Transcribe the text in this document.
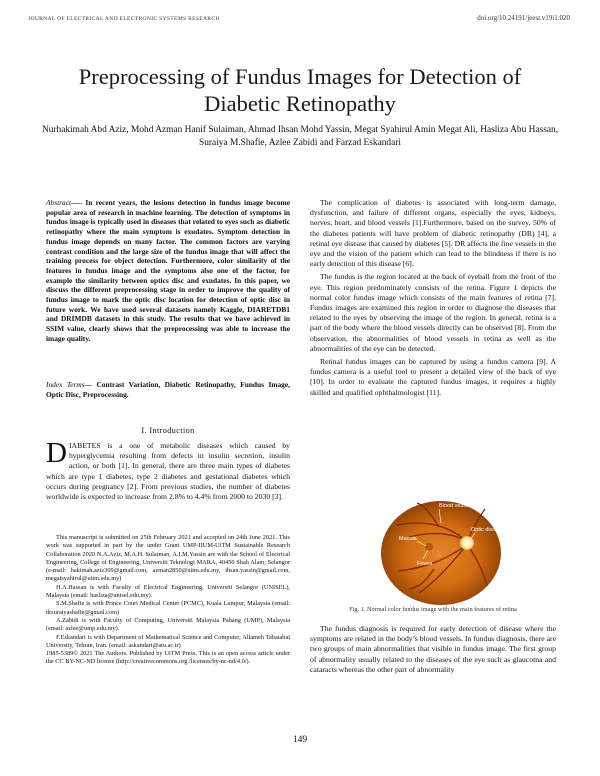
JOURNAL OF ELECTRICAL AND ELECTRONIC SYSTEMS RESEARCH	doi.org/10.24191/jeesr.v19i1.020
Preprocessing of Fundus Images for Detection of Diabetic Retinopathy
Nurhakimah Abd Aziz, Mohd Azman Hanif Sulaiman, Ahmad Ihsan Mohd Yassin, Megat Syahirul Amin Megat Ali, Hasliza Abu Hassan, Suraiya M.Shafie, Azlee Zabidi and Farzad Eskandari
Abstract—– In recent years, the lesions detection in fundus image become popular area of research in machine learning. The detection of symptoms in fundus image is typically used in diseases that related to eyes such as diabetic retinopathy where the main symptom is exudates. Symptom detection in fundus image depends on many factor. The common factors are varying contrast condition and the large size of the fundus image that will affect the training process for object detection. Furthermore, color similarity of the features in fundus image and the symptoms also one of the factor, for example the similarity between optics disc and exudates. In this paper, we discuss the different preprocessing stage in order to improve the quality of fundus image to mark the optic disc location for detection of optic disc in future work. We have used several datasets namely Kaggle, DIARETDB1 and DRIMDB datasets in this study. The results that we have achieved in SSIM value, clearly shows that the preprocessing was able to increase the image quality.
Index Terms— Contrast Variation, Diabetic Retinopathy, Fundus Image, Optic Disc, Preprocessing.
I. Introduction
DIABETES is a one of metabolic diseases which caused by hyperglycemia resulting from defects in insulin secretion, insulin action, or both [1]. In general, there are three main types of diabetes which are type 1 diabetes, type 2 diabetes and gestational diabetes which occurs during pregnancy [2]. From previous studies, the number of diabetes worldwide is expected to increase from 2.8% to 4.4% from 2000 to 2030 [3].

This manuscript is submitted on 25th February 2021 and accepted on 24th June 2021. This work was supported in part by the under Grant UMP-IIUM-UiTM Sustainable Research Collaboration 2020 N.A.Aziz, M.A.H. Sulaiman, A.I.M.Yassin are with the School of Electrical Engineering, College of Engineering, Universiti Teknologi MARA, 40450 Shah Alam, Selangor (e-mail: hakimah.aziz309@gmail.com, azman2850@uitm.edu.my, ihsan.yassin@gmail.com, megatsyahirul@uitm.edu.my)

H.A.Hassan is with Faculty of Electrical Engineering, Universiti Selangor (UNISEL), Malaysia (email: hasliza@unisel.edu.my).

S.M.Shafie is with Prince Court Medical Center (PCMC), Kuala Lumpur, Malaysia (email: drsuraiyashafie@gmail.com)

A.Zabidi is with Faculty of Computing, Universiti Malaysia Pahang (UMP), Malaysia (email: azlee@ump.edu.my).

F.Eskandari is with Department of Mathematical Science and Computer, Allameh Tabatabai University, Tehran, Iran. (email: askandari@atu.ac.ir)

1985-5389© 2021 The Authors. Published by UiTM Press. This is an open access article under the CC BY-NC-ND license (http://creativecommons.org /licenses/by-nc-nd/4.0/).

The complication of diabetes is associated with long-term damage, dysfunction, and failure of different organs, especially the eyes, kidneys, nerves, heart, and blood vessels [1].Furthermore, based on the survey, 50% of the diabetes patients will have problem of diabetic retinopathy (DR) [4], a retinal eye disease that caused by diabetes [5]. DR affects the fine vessels in the eye and the vision of the patient which can lead to the blindness if there is no early detection of this disease [6].

The fundus is the region located at the back of eyeball from the front of the eye. This region predominately consists of the retina. Figure 1 depicts the normal color fundus image which consists of the main features of retina [7]. Fundus images are examined this region in order to diagnose the diseases that related to the eyes by observing the image of the region. In general, retina is a part of the body where the blood vessels directly can be observed [8]. From the observation, the abnormalities of blood vessels in retina as well as the abnormalities of the eye can be detected.

Retinal fundus images can be captured by using a fundus camera [9]. A fundus camera is a useful tool to present a detailed view of the back of eye [10]. In order to evaluate the captured fundus images, it requires a highly skilled and qualified ophthalmologist [11].

Blood vessels
Optic disc
Macula
Fovea
Fig. 1. Normal color fundus image with the main features of retina

The fundus diagnosis is required for early detection of disease where the symptoms are related in the body’s blood vessels. In fundus diagnosis, there are two groups of main abnormalities that visible in fundus image. The first group of abnormality usually related to the diseases of the eye such as glaucoma and cataracts whereas the other part of abnormality

149
